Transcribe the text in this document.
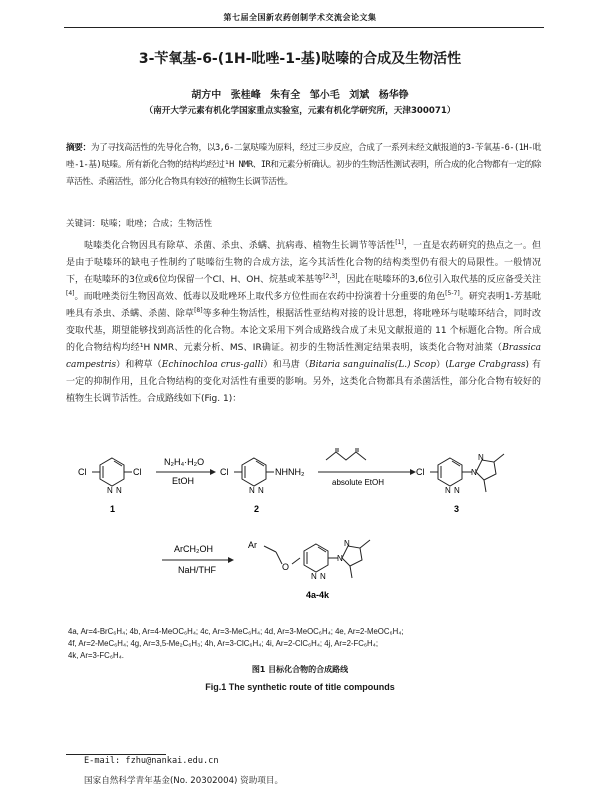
第七届全国新农药创制学术交流会论文集
3-苄氧基-6-(1H-吡唑-1-基)哒嗪的合成及生物活性
胡方中 张桂峰 朱有全 邹小毛 刘斌 杨华铮
（南开大学元素有机化学国家重点实验室，元素有机化学研究所，天津300071）

摘要：为了寻找高活性的先导化合物，以3,6-二氯哒嗪为原料，经过三步反应，合成了一系列未经文献报道的3-苄氧基-6-(1H-吡唑-1-基)哒嗪。所有新化合物的结构均经过¹H NMR、IR和元素分析确认。初步的生物活性测试表明，所合成的化合物都有一定的除草活性、杀菌活性，部分化合物具有较好的植物生长调节活性。

关键词：哒嗪；吡唑；合成；生物活性

哒嗪类化合物因具有除草、杀菌、杀虫、杀螨、抗病毒、植物生长调节等活性[1]，一直是农药研究的热点之一。但是由于哒嗪环的缺电子性制约了哒嗪衍生物的合成方法，迄今其活性化合物的结构类型仍有很大的局限性。一般情况下，在哒嗪环的3位或6位均保留一个Cl、H、OH、烷基或苯基等[2,3]，因此在哒嗪环的3,6位引入取代基的反应备受关注[4]。而吡唑类衍生物因高效、低毒以及吡唑环上取代多方位性而在农药中扮演着十分重要的角色[5-7]。研究表明1-芳基吡唑具有杀虫、杀螨、杀菌、除草[8]等多种生物活性，根据活性亚结构对接的设计思想，将吡唑环与哒嗪环结合，同时改变取代基，期望能够找到高活性的化合物。本论文采用下列合成路线合成了未见文献报道的 11 个标题化合物。所合成的化合物结构均经¹H NMR、元素分析、MS、IR确证。初步的生物活性测定结果表明，该类化合物对油菜（Brassica campestris）和稗草（Echinochloa crus-galli）和马唐（Bitaria sanguinalis(L.) Scop）(Large Crabgrass) 有一定的抑制作用，且化合物结构的变化对活性有重要的影响。另外，这类化合物都具有杀菌活性，部分化合物有较好的植物生长调节活性。合成路线如下(Fig. 1)：

Cl	Cl
N N
1
N₂H₄·H₂O
EtOH
Cl	NHNH₂
N N
2
absolute EtOH
Cl
N N
N
N
3
ArCH₂OH
NaH/THF
Ar
O
N N
N
N
4a-4k
4a, Ar=4-BrC₆H₄; 4b, Ar=4-MeOC₆H₄; 4c, Ar=3-MeC₆H₄; 4d, Ar=3-MeOC₆H₄; 4e, Ar=2-MeOC₆H₄;
4f, Ar=2-MeC₆H₄; 4g, Ar=3,5-Me₂C₆H₃; 4h, Ar=3-ClC₆H₄; 4i, Ar=2-ClC₆H₄; 4j, Ar=2-FC₆H₄;
4k, Ar=3-FC₆H₄.
图1 目标化合物的合成路线
Fig.1 The synthetic route of title compounds
E-mail: fzhu@nankai.edu.cn
国家自然科学青年基金(No. 20302004) 资助项目。
